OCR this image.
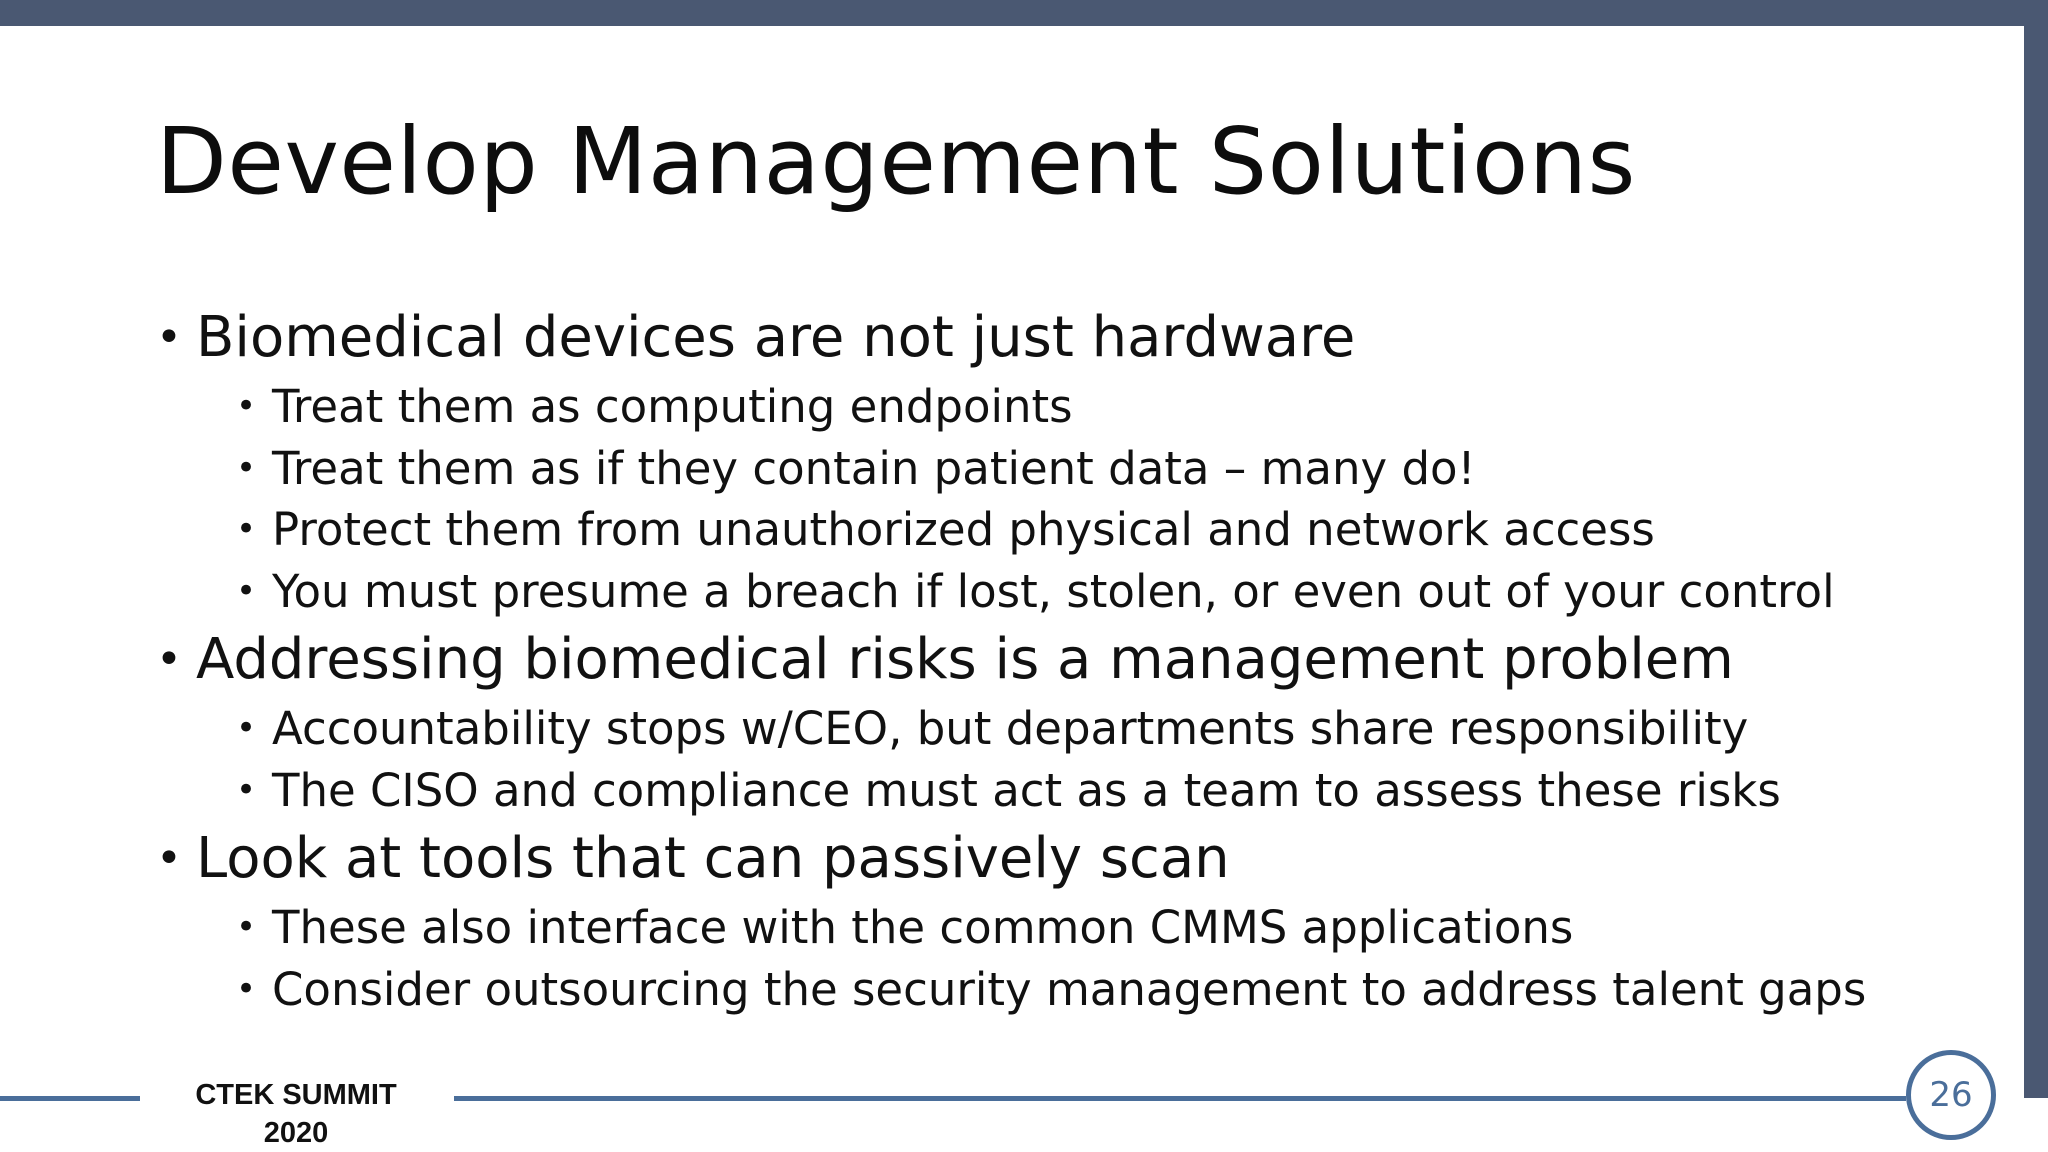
Develop Management Solutions
• Biomedical devices are not just hardware
• Treat them as computing endpoints
• Treat them as if they contain patient data – many do!
• Protect them from unauthorized physical and network access
• You must presume a breach if lost, stolen, or even out of your control
• Addressing biomedical risks is a management problem
• Accountability stops w/CEO, but departments share responsibility
• The CISO and compliance must act as a team to assess these risks
• Look at tools that can passively scan
• These also interface with the common CMMS applications
• Consider outsourcing the security management to address talent gaps
CTEK SUMMIT
2020
26
